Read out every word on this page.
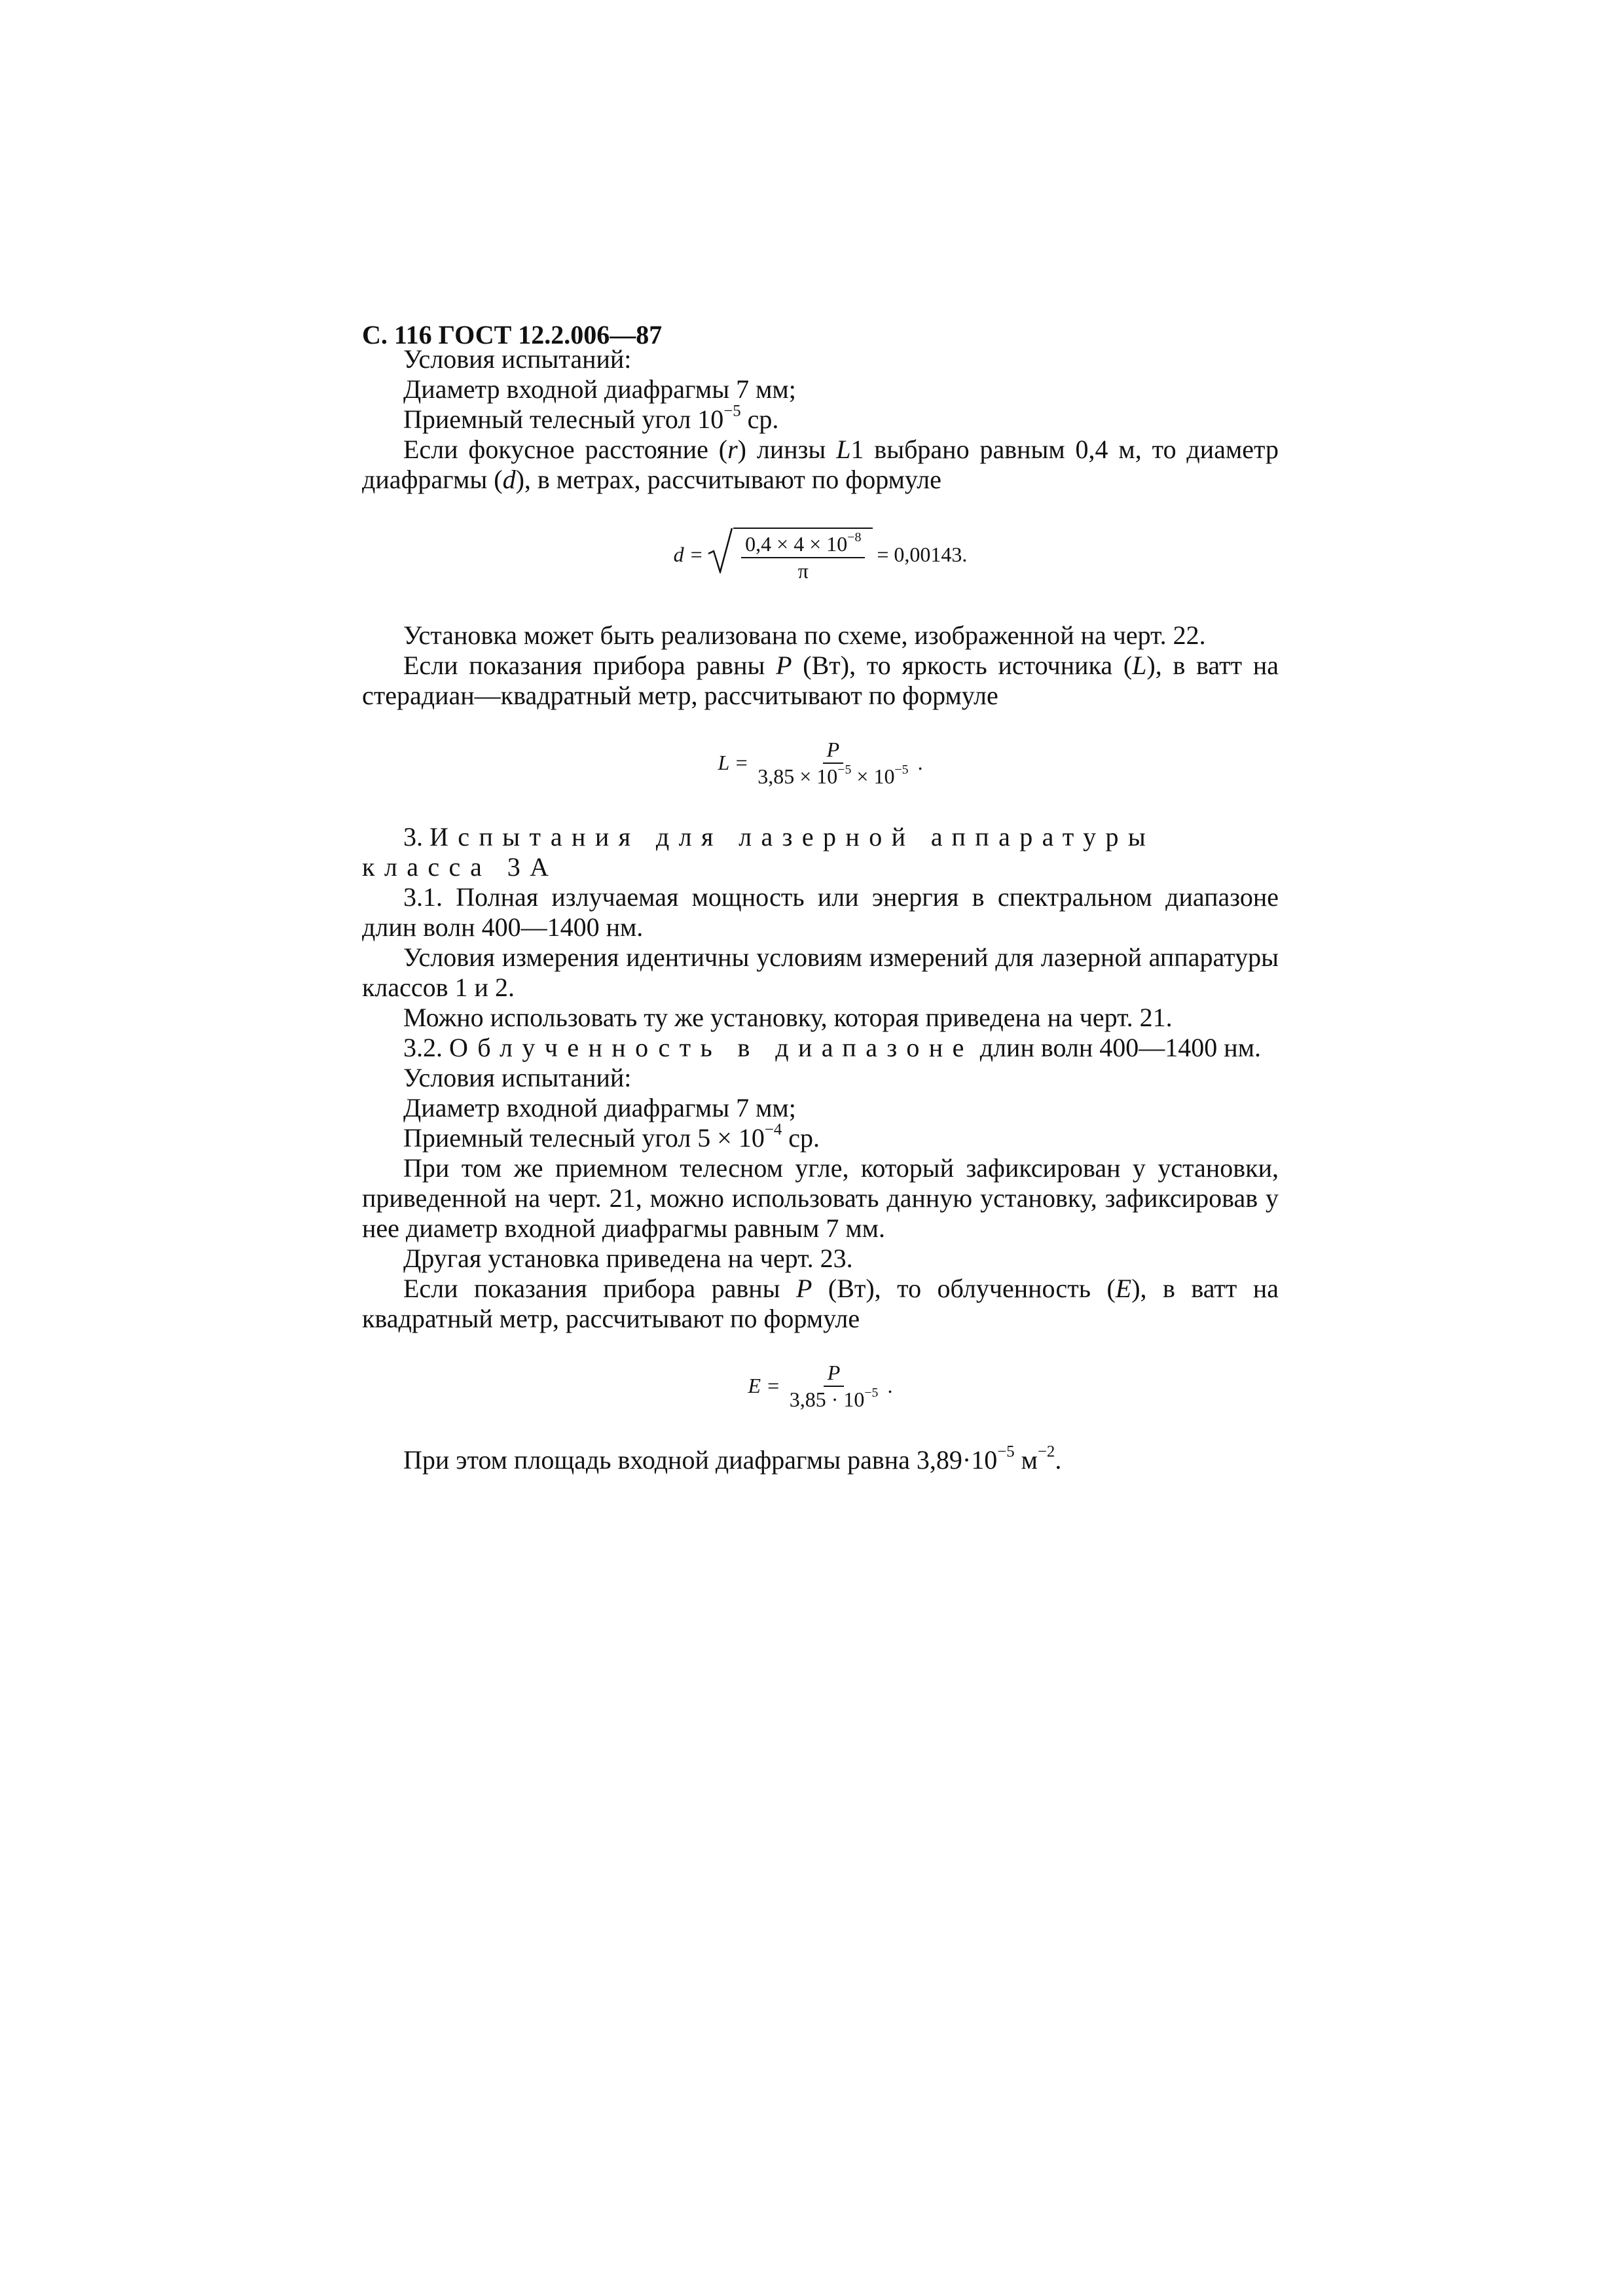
С. 116 ГОСТ 12.2.006—87

Условия испытаний:

Диаметр входной диафрагмы 7 мм;

Приемный телесный угол $10^{-5}$ ср.

Если фокусное расстояние (r) линзы L1 выбрано равным 0,4 м, то диаметр диафрагмы (d), в метрах, рассчитывают по формуле

$d = \frac{0,4 \times 4 \times 10^{-8}}{\pi} = 0,00143$.

Установка может быть реализована по схеме, изображенной на черт. 22.

Если показания прибора равны P (Вт), то яркость источника (L), в ватт на стерадиан—квадратный метр, рассчитывают по формуле

$L = \frac{P}{3,85 \times 10^{-5} \times 10^{-5}}$ .

3. Испытания для лазерной аппаратуры класса 3А

3.1. Полная излучаемая мощность или энергия в спектральном диапазоне длин волн 400—1400 нм.

Условия измерения идентичны условиям измерений для лазерной аппаратуры классов 1 и 2.

Можно использовать ту же установку, которая приведена на черт. 21.

3.2. Облученность в диапазоне длин волн 400—1400 нм.

Условия испытаний:

Диаметр входной диафрагмы 7 мм;

Приемный телесный угол $5 \times 10^{-4}$ ср.

При том же приемном телесном угле, который зафиксирован у установки, приведенной на черт. 21, можно использовать данную установку, зафиксировав у нее диаметр входной диафрагмы равным 7 мм.

Другая установка приведена на черт. 23.

Если показания прибора равны P (Вт), то облученность (E), в ватт на квадратный метр, рассчитывают по формуле

$E = \frac{P}{3,85 \cdot 10^{-5}}$ .

При этом площадь входной диафрагмы равна $3,89\cdot 10^{-5}$ $м^{-2}$.
